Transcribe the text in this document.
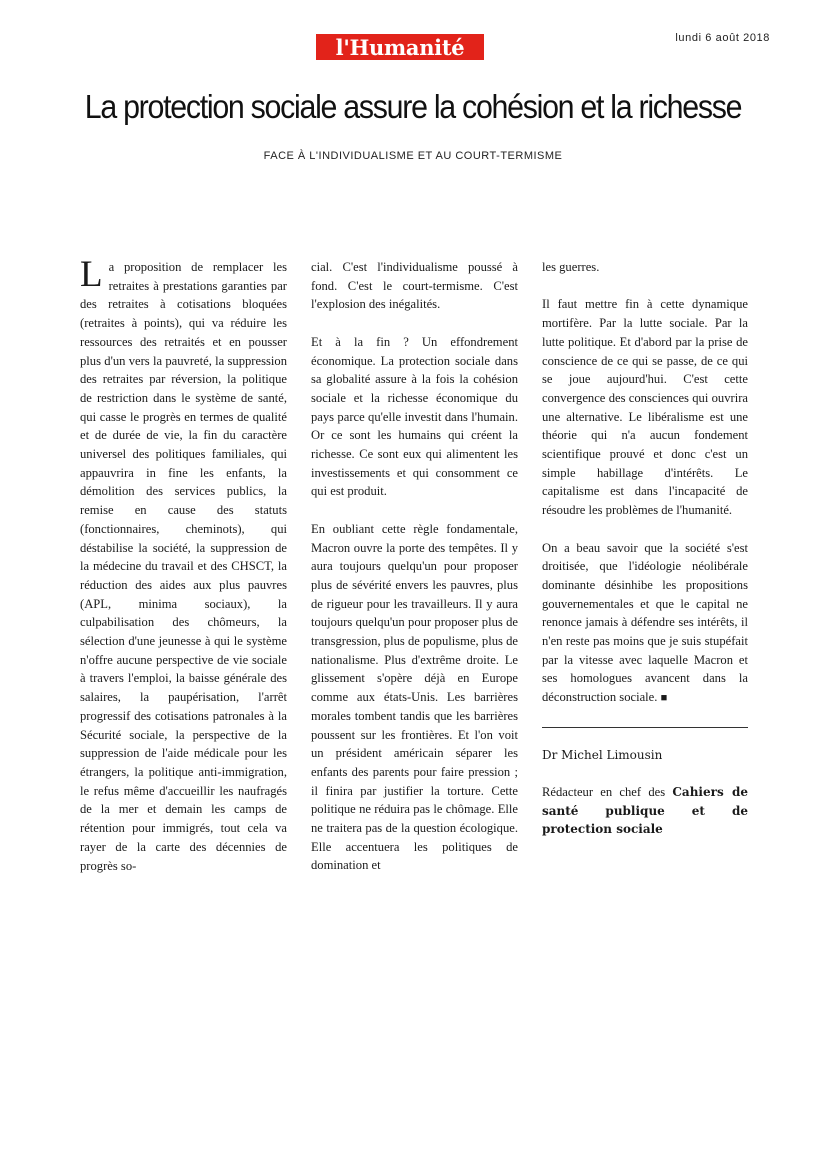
l'Humanité	lundi 6 août 2018
La protection sociale assure la cohésion et la richesse
FACE À L'INDIVIDUALISME ET AU COURT-TERMISME

La proposition de remplacer les retraites à prestations garanties par des retraites à cotisations bloquées (retraites à points), qui va réduire les ressources des retraités et en pousser plus d'un vers la pauvreté, la suppression des retraites par réversion, la politique de restriction dans le système de santé, qui casse le progrès en termes de qualité et de durée de vie, la fin du caractère universel des politiques familiales, qui appauvrira in fine les enfants, la démolition des services publics, la remise en cause des statuts (fonctionnaires, cheminots), qui déstabilise la société, la suppression de la médecine du travail et des CHSCT, la réduction des aides aux plus pauvres (APL, minima sociaux), la culpabilisation des chômeurs, la sélection d'une jeunesse à qui le système n'offre aucune perspective de vie sociale à travers l'emploi, la baisse générale des salaires, la paupérisation, l'arrêt progressif des cotisations patronales à la Sécurité sociale, la perspective de la suppression de l'aide médicale pour les étrangers, la politique anti-immigration, le refus même d'accueillir les naufragés de la mer et demain les camps de rétention pour immigrés, tout cela va rayer de la carte des décennies de progrès so-

cial. C'est l'individualisme poussé à fond. C'est le court-termisme. C'est l'explosion des inégalités.

Et à la fin ? Un effondrement économique. La protection sociale dans sa globalité assure à la fois la cohésion sociale et la richesse économique du pays parce qu'elle investit dans l'humain. Or ce sont les humains qui créent la richesse. Ce sont eux qui alimentent les investissements et qui consomment ce qui est produit.

En oubliant cette règle fondamentale, Macron ouvre la porte des tempêtes. Il y aura toujours quelqu'un pour proposer plus de sévérité envers les pauvres, plus de rigueur pour les travailleurs. Il y aura toujours quelqu'un pour proposer plus de transgression, plus de populisme, plus de nationalisme. Plus d'extrême droite. Le glissement s'opère déjà en Europe comme aux états-Unis. Les barrières morales tombent tandis que les barrières poussent sur les frontières. Et l'on voit un président américain séparer les enfants des parents pour faire pression ; il finira par justifier la torture. Cette politique ne réduira pas le chômage. Elle ne traitera pas de la question écologique. Elle accentuera les politiques de domination et

les guerres.

Il faut mettre fin à cette dynamique mortifère. Par la lutte sociale. Par la lutte politique. Et d'abord par la prise de conscience de ce qui se passe, de ce qui se joue aujourd'hui. C'est cette convergence des consciences qui ouvrira une alternative. Le libéralisme est une théorie qui n'a aucun fondement scientifique prouvé et donc c'est un simple habillage d'intérêts. Le capitalisme est dans l'incapacité de résoudre les problèmes de l'humanité.

On a beau savoir que la société s'est droitisée, que l'idéologie néolibérale dominante désinhibe les propositions gouvernementales et que le capital ne renonce jamais à défendre ses intérêts, il n'en reste pas moins que je suis stupéfait par la vitesse avec laquelle Macron et ses homologues avancent dans la déconstruction sociale. ■

Dr Michel Limousin

Rédacteur en chef des Cahiers de santé publique et de protection sociale
